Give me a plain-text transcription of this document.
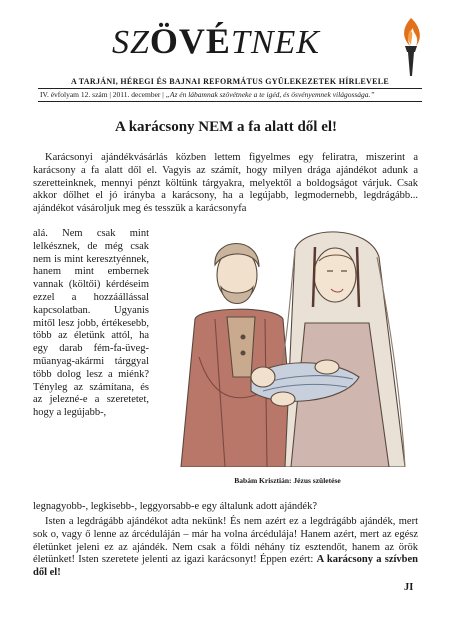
SZÖVÉTNEK
A TARJÁNI, HÉREGI ÉS BAJNAI REFORMÁTUS GYÜLEKEZETEK HÍRLEVELE
IV. évfolyam 12. szám | 2011. december | „Az én lábamnak szövétneke a te igéd, és ösvényemnek világossága.”
A karácsony NEM a fa alatt dől el!

Karácsonyi ajándékvásárlás közben lettem figyelmes egy feliratra, miszerint a karácsony a fa alatt dől el. Vagyis az számít, hogy milyen drága ajándékot adunk a szeretteinknek, mennyi pénzt költünk tárgyakra, melyektől a boldogságot várjuk. Csak akkor dőlhet el jó irányba a karácsony, ha a legújabb, legmodernebb, legdrágább... ajándékot vásároljuk meg és tesszük a karácsonyfa

alá. Nem csak mint lelkésznek, de még csak nem is mint keresztyénnek, hanem mint embernek vannak (költői) kérdéseim ezzel a hozzáállással kapcsolatban. Ugyanis mitől lesz jobb, értékesebb, több az életünk attól, ha egy darab fém-fa-üveg-műanyag-akármi tárggyal több dolog lesz a miénk? Tényleg az számítana, és az jelezné-e a szeretetet, hogy a legújabb-,

Babám Krisztián: Jézus születése

legnagyobb-, legkisebb-, leggyorsabb-e egy általunk adott ajándék?

Isten a legdrágább ajándékot adta nekünk! És nem azért ez a legdrágább ajándék, mert sok o, vagy ő lenne az árcéduláján – már ha volna árcédulája! Hanem azért, mert az egész életünket jeleni ez az ajándék. Nem csak a földi néhány tíz esztendőt, hanem az örök életünket! Isten szeretete jelenti az igazi karácsonyt! Éppen ezért: A karácsony a szívben dől el!

JI
